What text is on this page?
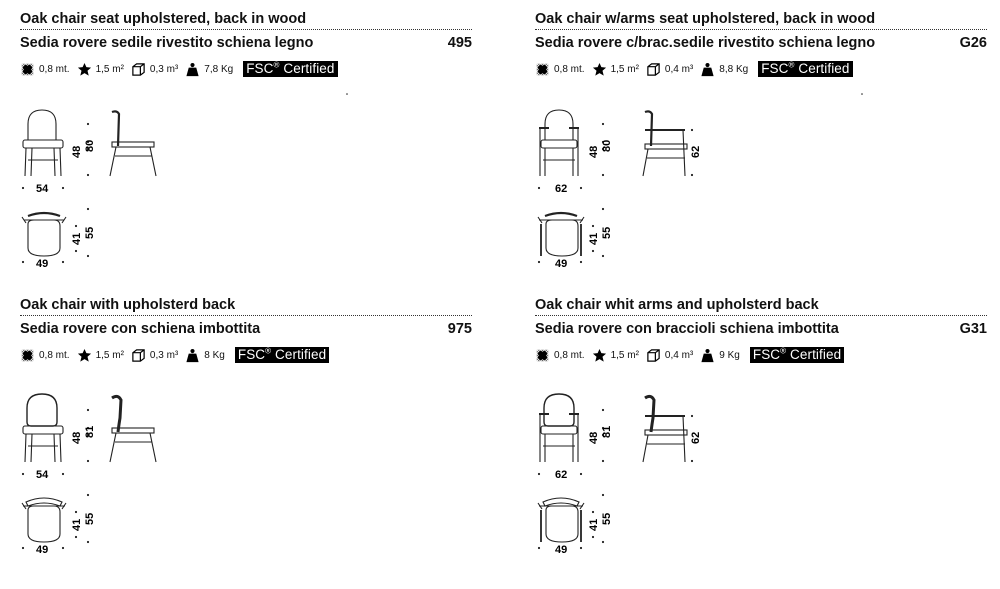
Oak chair seat upholstered, back in wood
Sedia rovere sedile rivestito schiena legno	495
0,8 mt.	1,5 m²	0,3 m³	7,8 Kg FSC® Certified
54
48 80
49
41 55
Oak chair w/arms seat upholstered, back in wood
Sedia rovere c/brac.sedile rivestito schiena legno	G26
0,8 mt.	1,5 m²	0,4 m³	8,8 Kg FSC® Certified
62
48 80	62
49
41 55
Oak chair with upholsterd back
Sedia rovere con schiena imbottita	975
0,8 mt.	1,5 m²	0,3 m³	8 Kg FSC® Certified
54
48 81
49
41 55
Oak chair whit arms and upholsterd back
Sedia rovere con braccioli schiena imbottita	G31
0,8 mt.	1,5 m²	0,4 m³	9 Kg FSC® Certified
62
48 81	62
49
41 55
